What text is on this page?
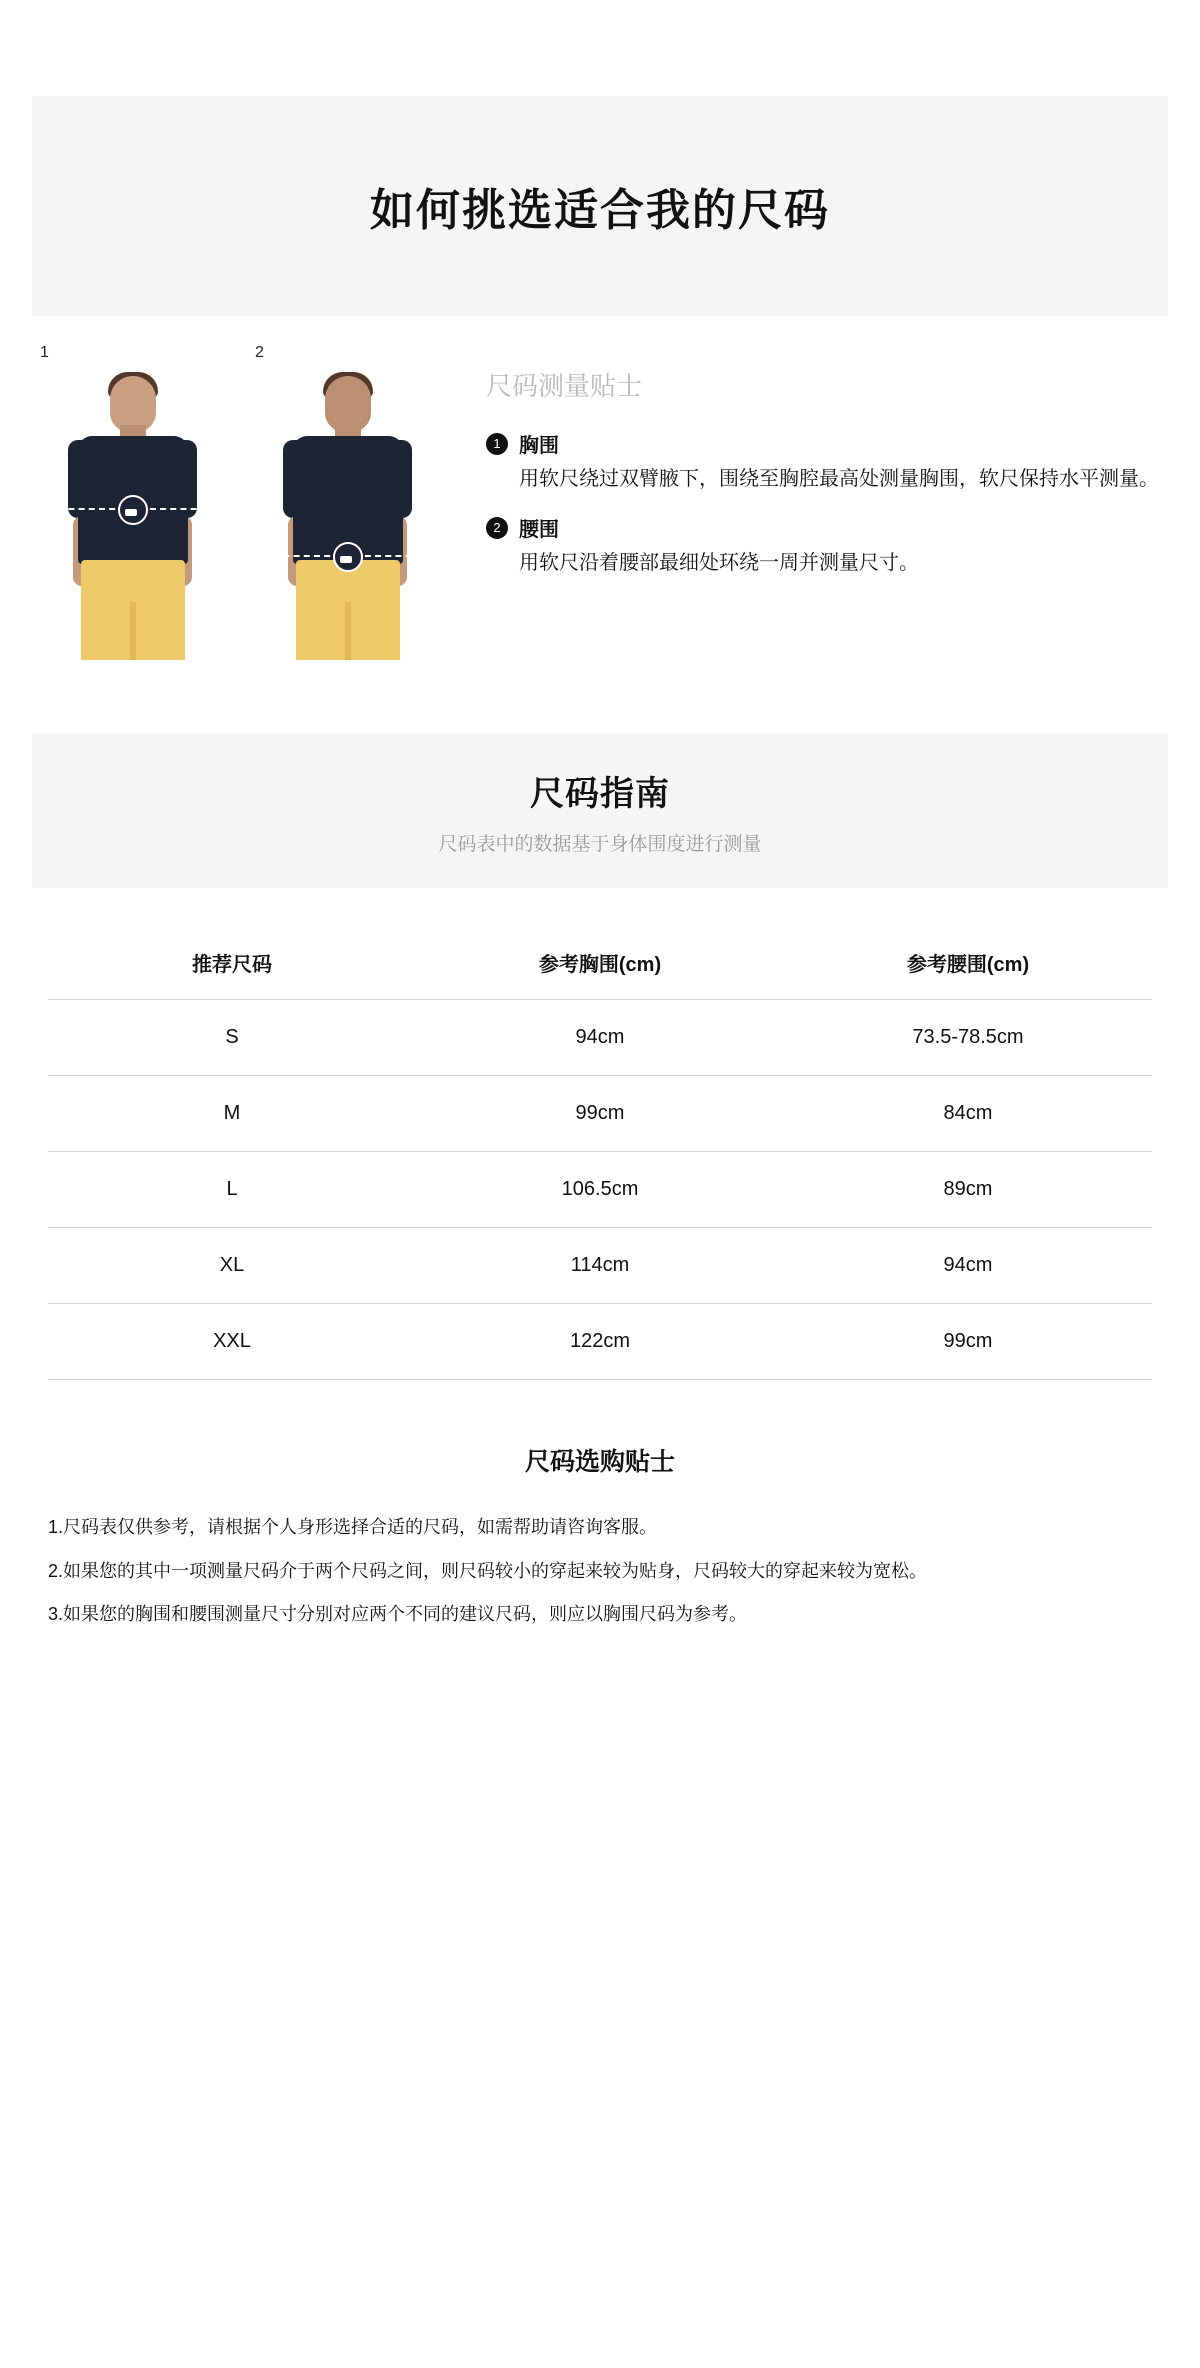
如何挑选适合我的尺码
1	2
尺码测量贴士
1 胸围
用软尺绕过双臂腋下，围绕至胸腔最高处测量胸围，软尺保持水平测量。
2 腰围
用软尺沿着腰部最细处环绕一周并测量尺寸。
尺码指南
尺码表中的数据基于身体围度进行测量
推荐尺码	参考胸围(cm)	参考腰围(cm)
S	94cm	73.5-78.5cm
M	99cm	84cm
L	106.5cm	89cm
XL	114cm	94cm
XXL	122cm	99cm
尺码选购贴士
1.尺码表仅供参考，请根据个人身形选择合适的尺码，如需帮助请咨询客服。
2.如果您的其中一项测量尺码介于两个尺码之间，则尺码较小的穿起来较为贴身，尺码较大的穿起来较为宽松。
3.如果您的胸围和腰围测量尺寸分别对应两个不同的建议尺码，则应以胸围尺码为参考。
